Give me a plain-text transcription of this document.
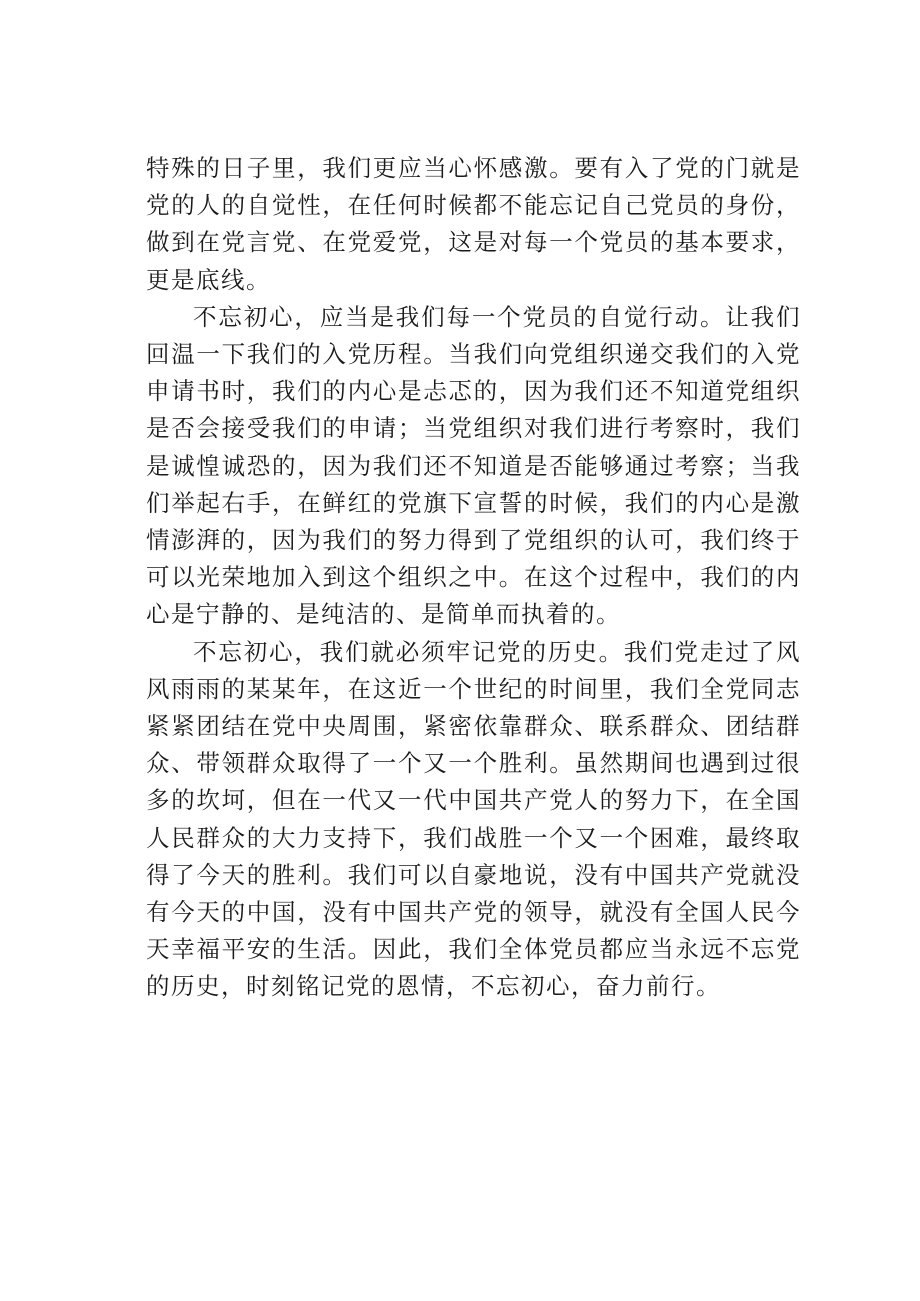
特殊的日子里，我们更应当心怀感激。要有入了党的门就是党的人的自觉性，在任何时候都不能忘记自己党员的身份，做到在党言党、在党爱党，这是对每一个党员的基本要求，更是底线。

不忘初心，应当是我们每一个党员的自觉行动。让我们回温一下我们的入党历程。当我们向党组织递交我们的入党申请书时，我们的内心是忐忑的，因为我们还不知道党组织是否会接受我们的申请；当党组织对我们进行考察时，我们是诚惶诚恐的，因为我们还不知道是否能够通过考察；当我们举起右手，在鲜红的党旗下宣誓的时候，我们的内心是激情澎湃的，因为我们的努力得到了党组织的认可，我们终于可以光荣地加入到这个组织之中。在这个过程中，我们的内心是宁静的、是纯洁的、是简单而执着的。

不忘初心，我们就必须牢记党的历史。我们党走过了风风雨雨的某某年，在这近一个世纪的时间里，我们全党同志紧紧团结在党中央周围，紧密依靠群众、联系群众、团结群众、带领群众取得了一个又一个胜利。虽然期间也遇到过很多的坎坷，但在一代又一代中国共产党人的努力下，在全国人民群众的大力支持下，我们战胜一个又一个困难，最终取得了今天的胜利。我们可以自豪地说，没有中国共产党就没有今天的中国，没有中国共产党的领导，就没有全国人民今天幸福平安的生活。因此，我们全体党员都应当永远不忘党的历史，时刻铭记党的恩情，不忘初心，奋力前行。
